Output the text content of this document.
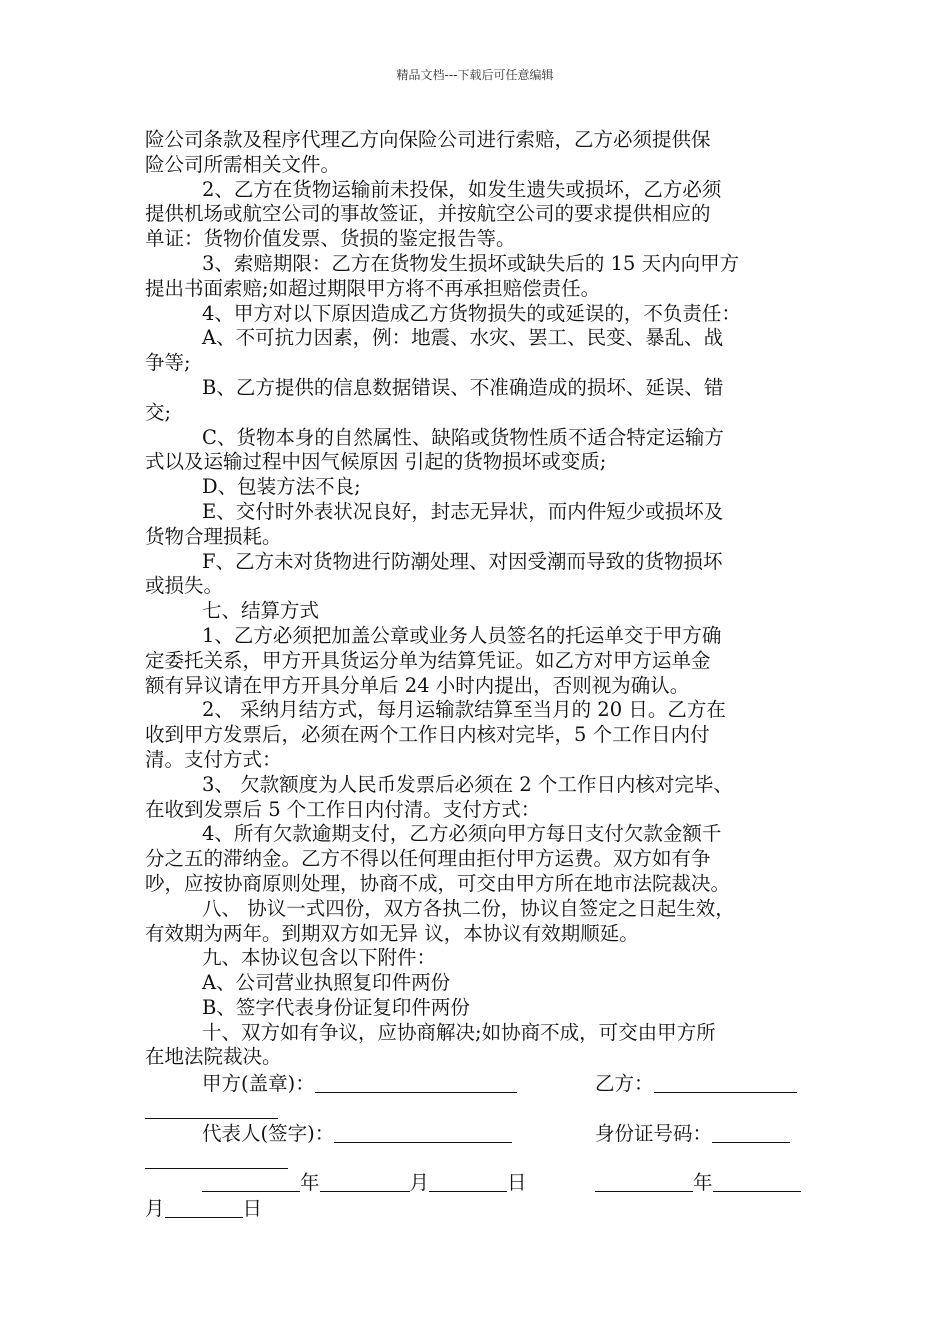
精品文档---下载后可任意编辑
险公司条款及程序代理乙方向保险公司进行索赔，乙方必须提供保
险公司所需相关文件。
2、乙方在货物运输前未投保，如发生遗失或损坏，乙方必须
提供机场或航空公司的事故签证，并按航空公司的要求提供相应的
单证：货物价值发票、货损的鉴定报告等。
3、索赔期限：乙方在货物发生损坏或缺失后的 15 天内向甲方
提出书面索赔;如超过期限甲方将不再承担赔偿责任。
4、甲方对以下原因造成乙方货物损失的或延误的，不负责任：
A、不可抗力因素，例：地震、水灾、罢工、民变、暴乱、战
争等;
B、乙方提供的信息数据错误、不准确造成的损坏、延误、错
交;
C、货物本身的自然属性、缺陷或货物性质不适合特定运输方
式以及运输过程中因气候原因 引起的货物损坏或变质;
D、包装方法不良;
E、交付时外表状况良好，封志无异状，而内件短少或损坏及
货物合理损耗。
F、乙方未对货物进行防潮处理、对因受潮而导致的货物损坏
或损失。
七、结算方式
1、乙方必须把加盖公章或业务人员签名的托运单交于甲方确
定委托关系，甲方开具货运分单为结算凭证。如乙方对甲方运单金
额有异议请在甲方开具分单后 24 小时内提出，否则视为确认。
2、 采纳月结方式，每月运输款结算至当月的 20 日。乙方在
收到甲方发票后，必须在两个工作日内核对完毕，5 个工作日内付
清。支付方式：
3、 欠款额度为人民币发票后必须在 2 个工作日内核对完毕、
在收到发票后 5 个工作日内付清。支付方式：
4、所有欠款逾期支付，乙方必须向甲方每日支付欠款金额千
分之五的滞纳金。乙方不得以任何理由拒付甲方运费。双方如有争
吵，应按协商原则处理，协商不成，可交由甲方所在地市法院裁决。
八、 协议一式四份，双方各执二份，协议自签定之日起生效，
有效期为两年。到期双方如无异 议，本协议有效期顺延。
九、本协议包含以下附件：
A、公司营业执照复印件两份
B、签字代表身份证复印件两份
十、双方如有争议，应协商解决;如协商不成，可交由甲方所
在地法院裁决。
甲方(盖章)：	乙方：
代表人(签字)：	身份证号码：
年	月	日	年
月	日
